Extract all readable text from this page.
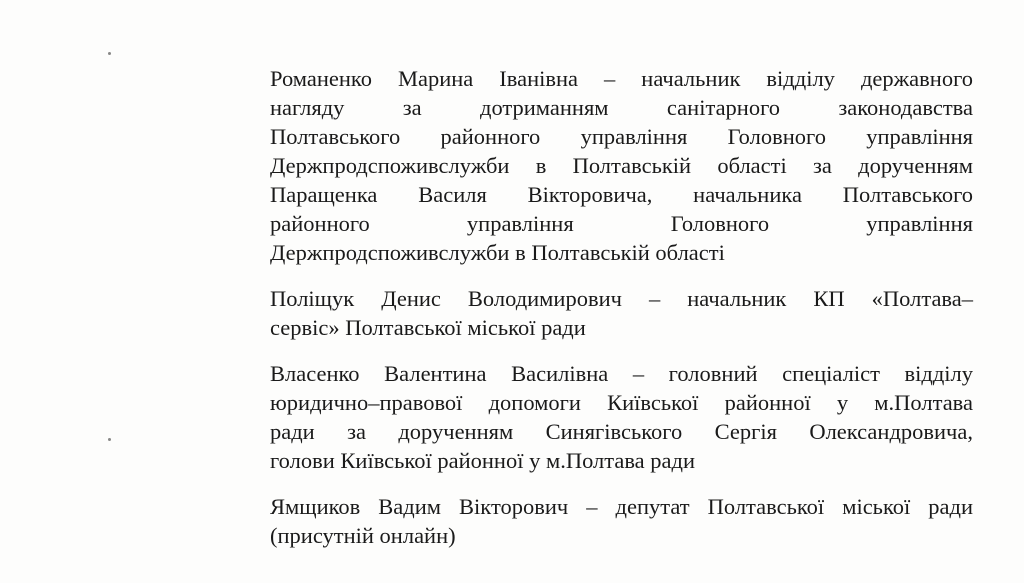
Романенко Марина Іванівна – начальник відділу державного
нагляду за дотриманням санітарного законодавства
Полтавського районного управління Головного управління
Держпродспоживслужби в Полтавській області за дорученням
Паращенка Василя Вікторовича, начальника Полтавського
районного управління Головного управління
Держпродспоживслужби в Полтавській області
Поліщук Денис Володимирович – начальник КП «Полтава–
сервіс» Полтавської міської ради
Власенко Валентина Василівна – головний спеціаліст відділу
юридично–правової допомоги Київської районної у м.Полтава
ради за дорученням Синягівського Сергія Олександровича,
голови Київської районної у м.Полтава ради
Ямщиков Вадим Вікторович – депутат Полтавської міської ради
(присутній онлайн)
